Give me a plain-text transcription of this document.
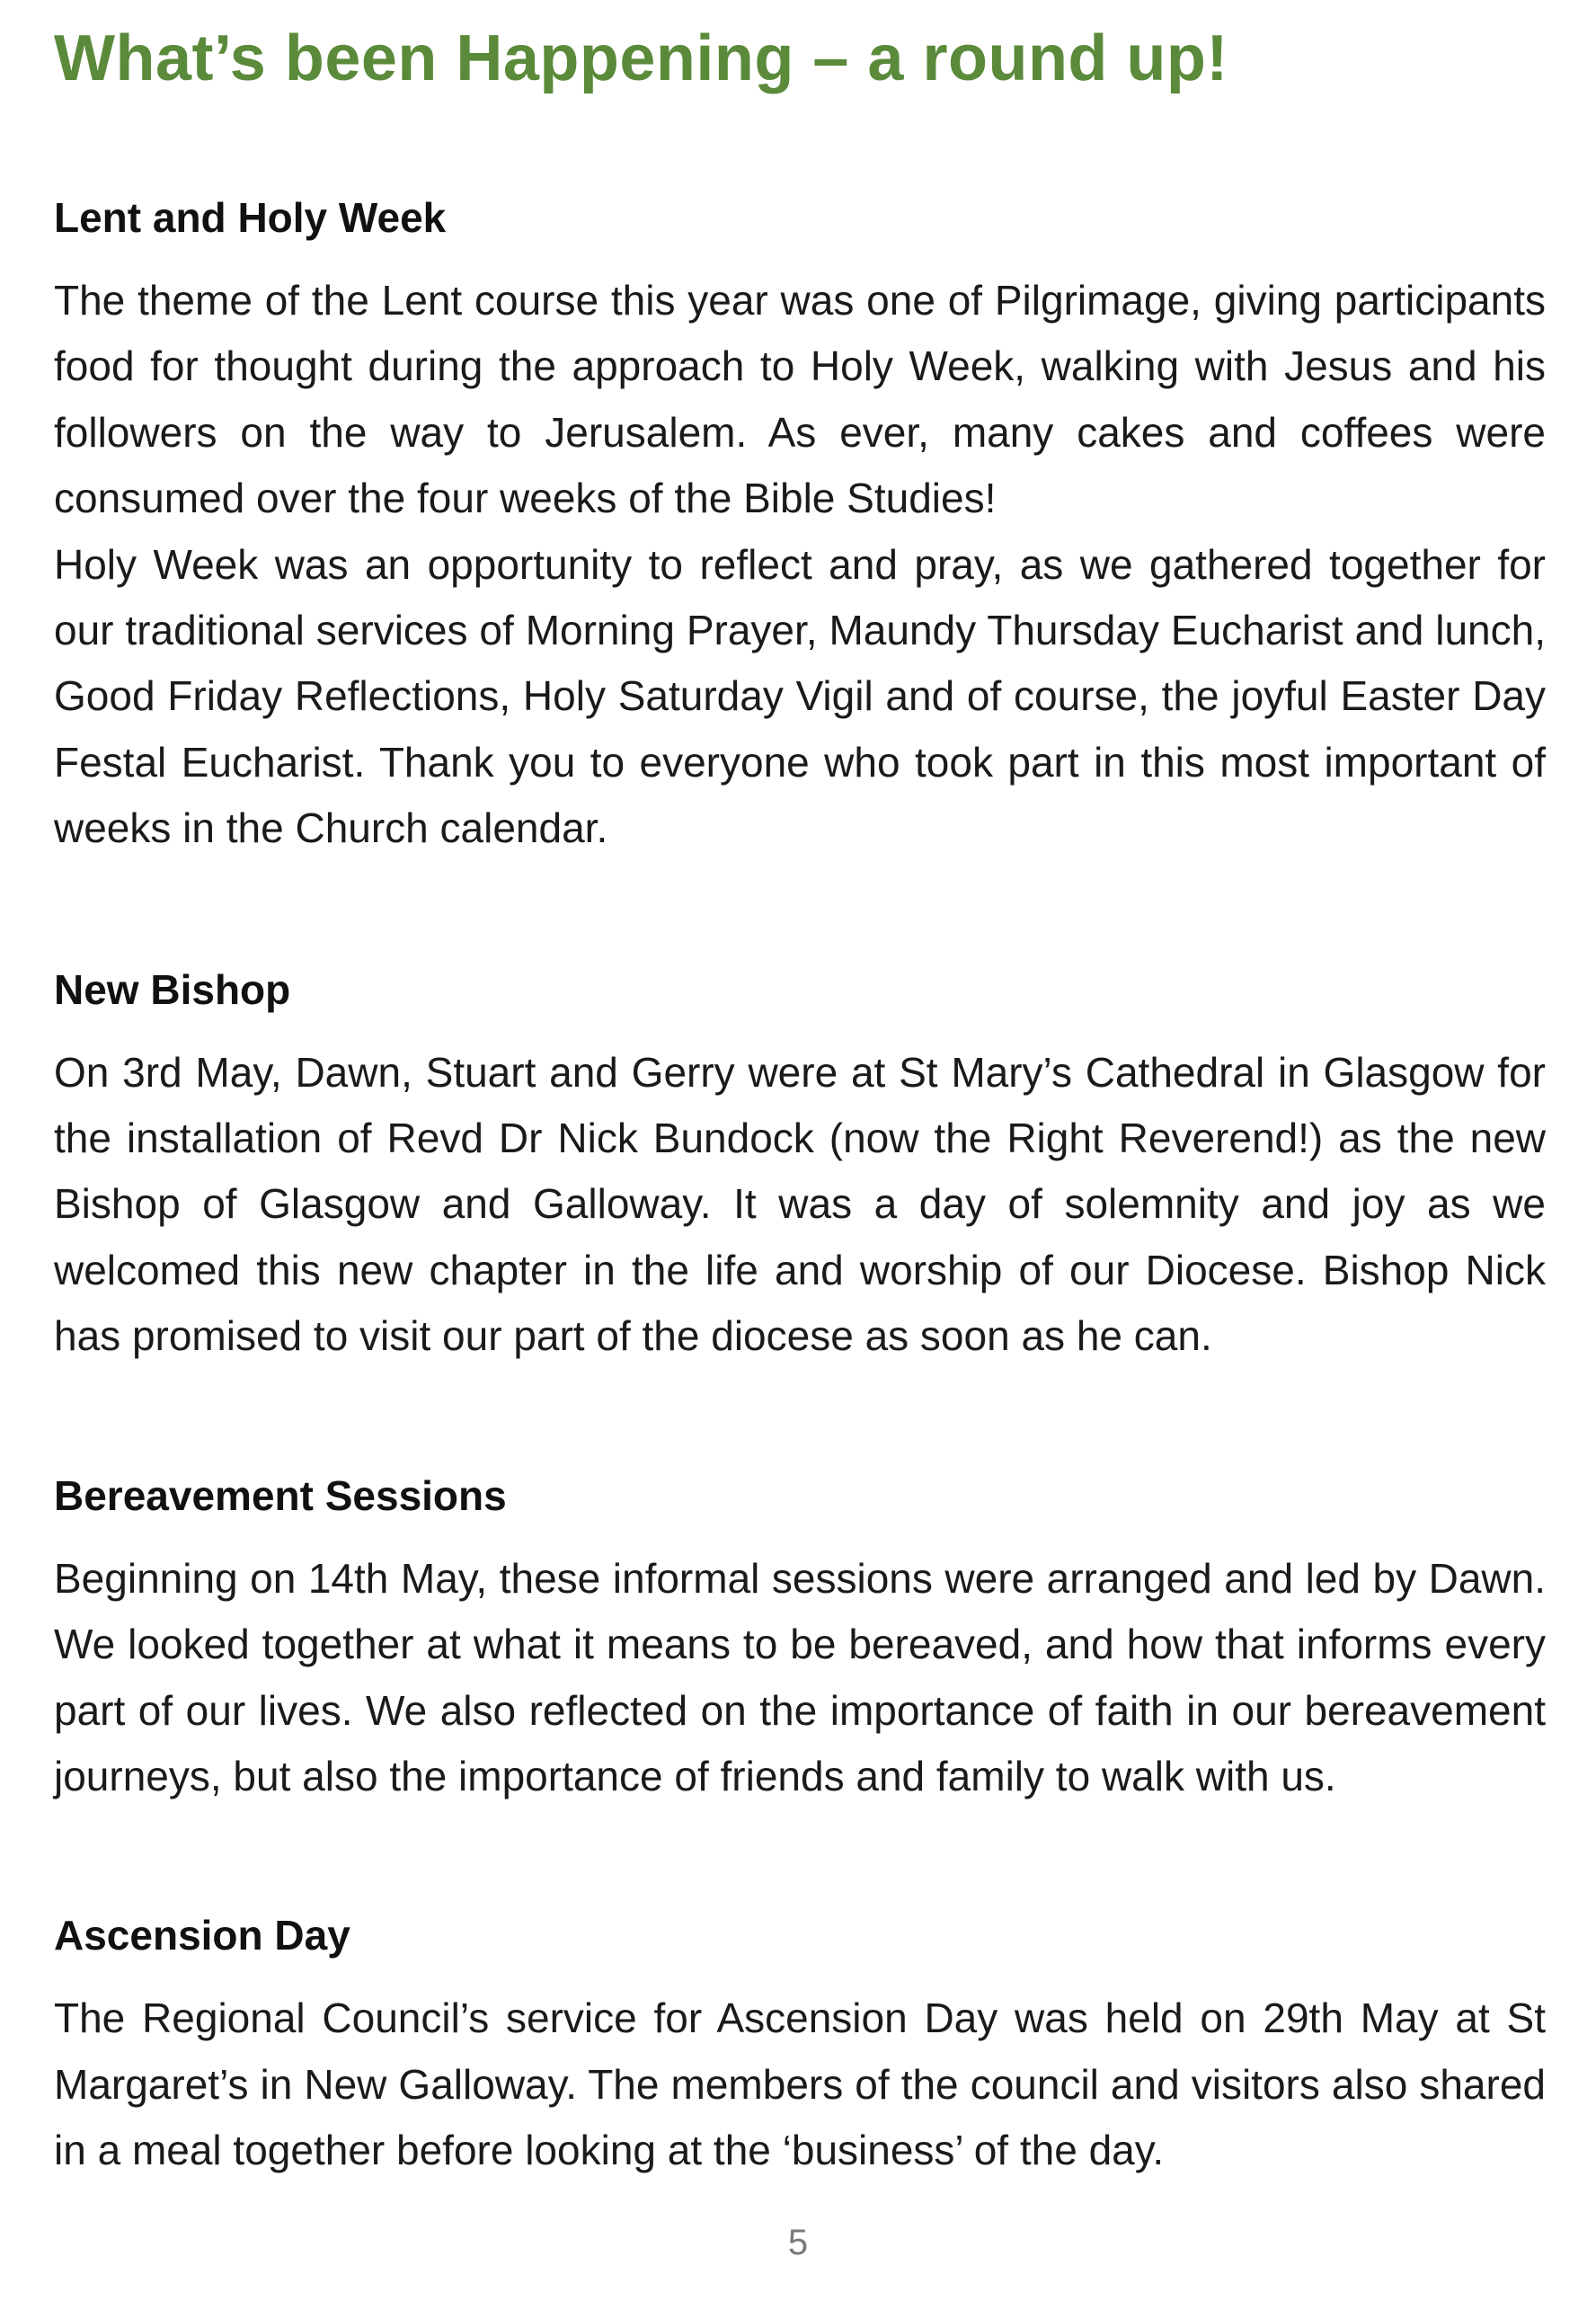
What’s been Happening – a round up!
Lent and Holy Week

The theme of the Lent course this year was one of Pilgrimage, giving participants food for thought during the approach to Holy Week, walking with Jesus and his followers on the way to Jerusalem. As ever, many cakes and coffees were consumed over the four weeks of the Bible Studies!

Holy Week was an opportunity to reflect and pray, as we gathered together for our traditional services of Morning Prayer, Maundy Thursday Eucharist and lunch, Good Friday Reflections, Holy Saturday Vigil and of course, the joyful Easter Day Festal Eucharist. Thank you to everyone who took part in this most important of weeks in the Church calendar.

New Bishop

On 3rd May, Dawn, Stuart and Gerry were at St Mary’s Cathedral in Glasgow for the installation of Revd Dr Nick Bundock (now the Right Reverend!) as the new Bishop of Glasgow and Galloway. It was a day of solemnity and joy as we welcomed this new chapter in the life and worship of our Diocese. Bishop Nick has promised to visit our part of the diocese as soon as he can.

Bereavement Sessions

Beginning on 14th May, these informal sessions were arranged and led by Dawn. We looked together at what it means to be bereaved, and how that informs every part of our lives. We also reflected on the importance of faith in our bereavement journeys, but also the importance of friends and family to walk with us.

Ascension Day

The Regional Council’s service for Ascension Day was held on 29th May at St Margaret’s in New Galloway. The members of the council and visitors also shared in a meal together before looking at the ‘business’ of the day.

5
